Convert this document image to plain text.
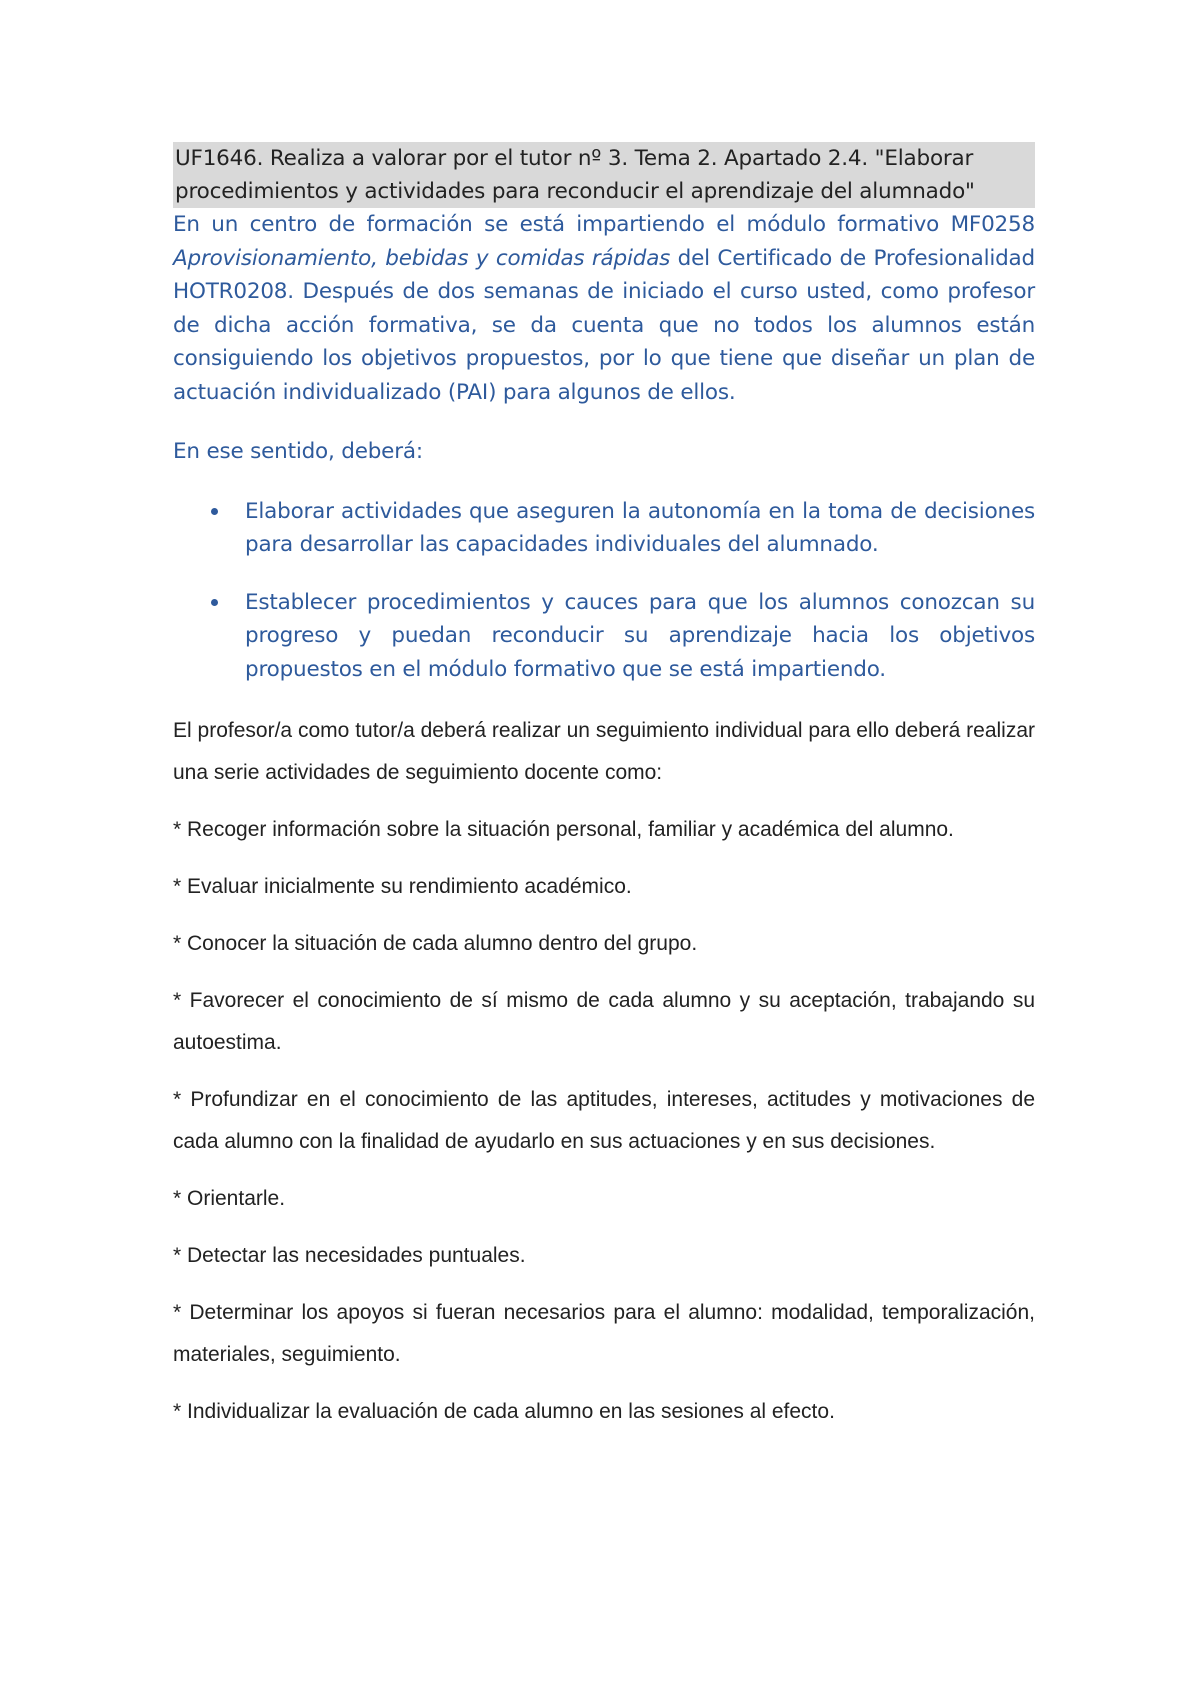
UF1646. Realiza a valorar por el tutor nº 3. Tema 2. Apartado 2.4. "Elaborar procedimientos y actividades para reconducir el aprendizaje del alumnado"

En un centro de formación se está impartiendo el módulo formativo MF0258 Aprovisionamiento, bebidas y comidas rápidas del Certificado de Profesionalidad HOTR0208. Después de dos semanas de iniciado el curso usted, como profesor de dicha acción formativa, se da cuenta que no todos los alumnos están consiguiendo los objetivos propuestos, por lo que tiene que diseñar un plan de actuación individualizado (PAI) para algunos de ellos.

En ese sentido, deberá:

Elaborar actividades que aseguren la autonomía en la toma de decisiones para desarrollar las capacidades individuales del alumnado.

Establecer procedimientos y cauces para que los alumnos conozcan su progreso y puedan reconducir su aprendizaje hacia los objetivos propuestos en el módulo formativo que se está impartiendo.

El profesor/a como tutor/a deberá realizar un seguimiento individual para ello deberá realizar una serie actividades de seguimiento docente como:

* Recoger información sobre la situación personal, familiar y académica del alumno.

* Evaluar inicialmente su rendimiento académico.

* Conocer la situación de cada alumno dentro del grupo.

* Favorecer el conocimiento de sí mismo de cada alumno y su aceptación, trabajando su autoestima.

* Profundizar en el conocimiento de las aptitudes, intereses, actitudes y motivaciones de cada alumno con la finalidad de ayudarlo en sus actuaciones y en sus decisiones.

* Orientarle.

* Detectar las necesidades puntuales.

* Determinar los apoyos si fueran necesarios para el alumno: modalidad, temporalización, materiales, seguimiento.

* Individualizar la evaluación de cada alumno en las sesiones al efecto.
